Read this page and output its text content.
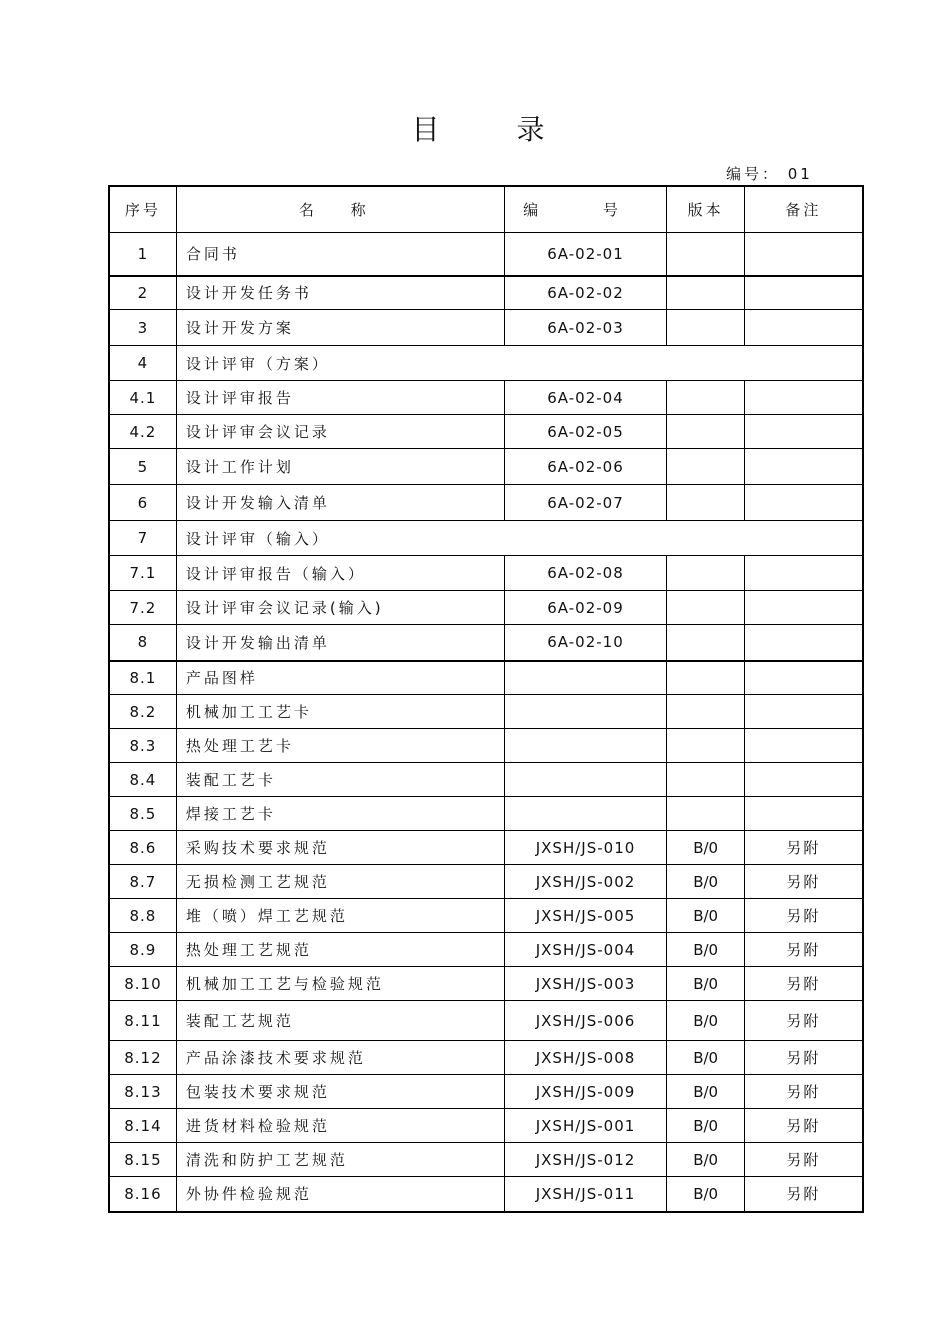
目 录
编号： 01
序号	名 称	编 号	版本	备注
1	合同书	6A-02-01		
2	设计开发任务书	6A-02-02		
3	设计开发方案	6A-02-03		
4	设计评审（方案）			
4.1	设计评审报告	6A-02-04		
4.2	设计评审会议记录	6A-02-05		
5	设计工作计划	6A-02-06		
6	设计开发输入清单	6A-02-07		
7	设计评审（输入）			
7.1	设计评审报告（输入）	6A-02-08		
7.2	设计评审会议记录(输入)	6A-02-09		
8	设计开发输出清单	6A-02-10		
8.1	产品图样			
8.2	机械加工工艺卡			
8.3	热处理工艺卡			
8.4	装配工艺卡			
8.5	焊接工艺卡			
8.6	采购技术要求规范	JXSH/JS-010	B/0	另附
8.7	无损检测工艺规范	JXSH/JS-002	B/0	另附
8.8	堆（喷）焊工艺规范	JXSH/JS-005	B/0	另附
8.9	热处理工艺规范	JXSH/JS-004	B/0	另附
8.10	机械加工工艺与检验规范	JXSH/JS-003	B/0	另附
8.11	装配工艺规范	JXSH/JS-006	B/0	另附
8.12	产品涂漆技术要求规范	JXSH/JS-008	B/0	另附
8.13	包装技术要求规范	JXSH/JS-009	B/0	另附
8.14	进货材料检验规范	JXSH/JS-001	B/0	另附
8.15	清洗和防护工艺规范	JXSH/JS-012	B/0	另附
8.16	外协件检验规范	JXSH/JS-011	B/0	另附
